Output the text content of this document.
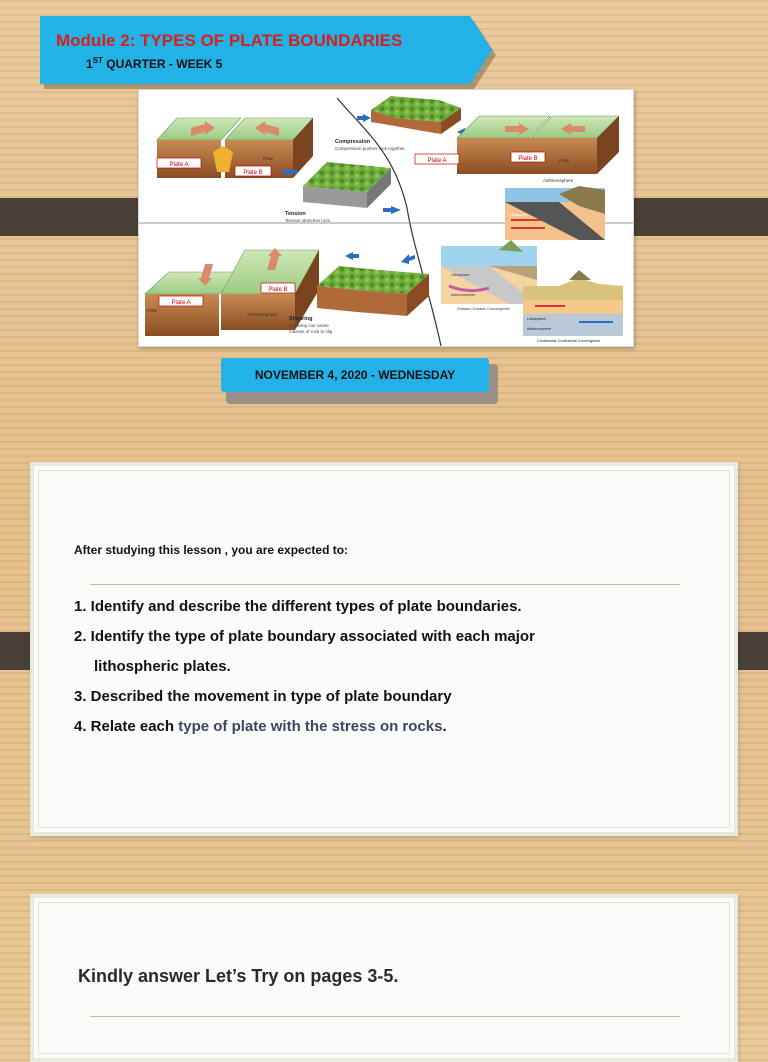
Module 2: TYPES OF PLATE BOUNDARIES
1ST QUARTER - WEEK 5
Plate A
Plate B
Plate
Tension
Tension stretches rock.
Compression
Compression pushes rock together.
Plate A	Plate B	Plate
Asthenosphere
Lithosphere
Plate A
Plate B
Plate
Asthenosphere
Shearing
Shearing can cause
masses of rock to slip.
Lithosphere
Asthenosphere
Oceanic-Oceanic Convergence
Lithosphere
Asthenosphere
Continental-Continental Convergence
NOVEMBER 4, 2020 - WEDNESDAY
After studying this lesson , you are expected to:
1. Identify and describe the different types of plate boundaries.
2. Identify the type of plate boundary associated with each major
lithospheric plates.
3. Described the movement in type of plate boundary
4. Relate each type of plate with the stress on rocks.
Kindly answer Let’s Try on pages 3-5.
